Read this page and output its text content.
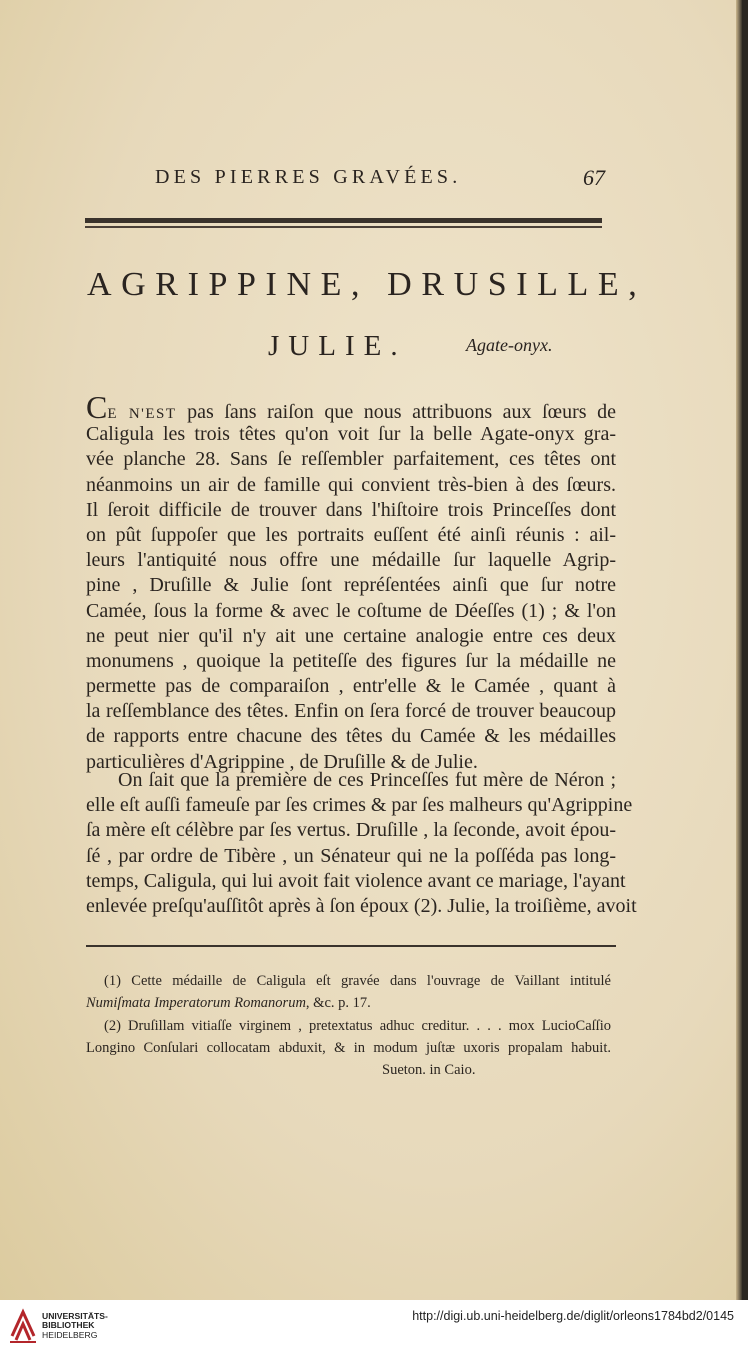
DES PIERRES GRAVÉES.	67
AGRIPPINE, DRUSILLE,
JULIE.	Agate-onyx.
CE N'EST pas ſans raiſon que nous attribuons aux ſœurs de
Caligula les trois têtes qu'on voit ſur la belle Agate-onyx gra-
vée planche 28. Sans ſe reſſembler parfaitement, ces têtes ont
néanmoins un air de famille qui convient très-bien à des ſœurs.
Il ſeroit difficile de trouver dans l'hiſtoire trois Princeſſes dont
on pût ſuppoſer que les portraits euſſent été ainſi réunis : ail-
leurs l'antiquité nous offre une médaille ſur laquelle Agrip-
pine , Druſille & Julie ſont repréſentées ainſi que ſur notre
Camée, ſous la forme & avec le coſtume de Déeſſes (1) ; & l'on
ne peut nier qu'il n'y ait une certaine analogie entre ces deux
monumens , quoique la petiteſſe des figures ſur la médaille ne
permette pas de comparaiſon , entr'elle & le Camée , quant à
la reſſemblance des têtes. Enfin on ſera forcé de trouver beaucoup
de rapports entre chacune des têtes du Camée & les médailles
particulières d'Agrippine , de Druſille & de Julie.
On ſait que la première de ces Princeſſes fut mère de Néron ;
elle eſt auſſi fameuſe par ſes crimes & par ſes malheurs qu'Agrippine
ſa mère eſt célèbre par ſes vertus. Druſille , la ſeconde, avoit épou-
ſé , par ordre de Tibère , un Sénateur qui ne la poſſéda pas long-
temps, Caligula, qui lui avoit fait violence avant ce mariage, l'ayant
enlevée preſqu'auſſitôt après à ſon époux (2). Julie, la troiſième, avoit
(1) Cette médaille de Caligula eſt gravée dans l'ouvrage de Vaillant intitulé
Numiſmata Imperatorum Romanorum, &c. p. 17.
(2) Druſillam vitiaſſe virginem , pretextatus adhuc creditur. . . . mox LucioCaſſio
Longino Conſulari collocatam abduxit, & in modum juſtæ uxoris propalam habuit.
Sueton. in Caio.
UNIVERSITÄTS-
BIBLIOTHEK
HEIDELBERG
http://digi.ub.uni-heidelberg.de/diglit/orleons1784bd2/0145
